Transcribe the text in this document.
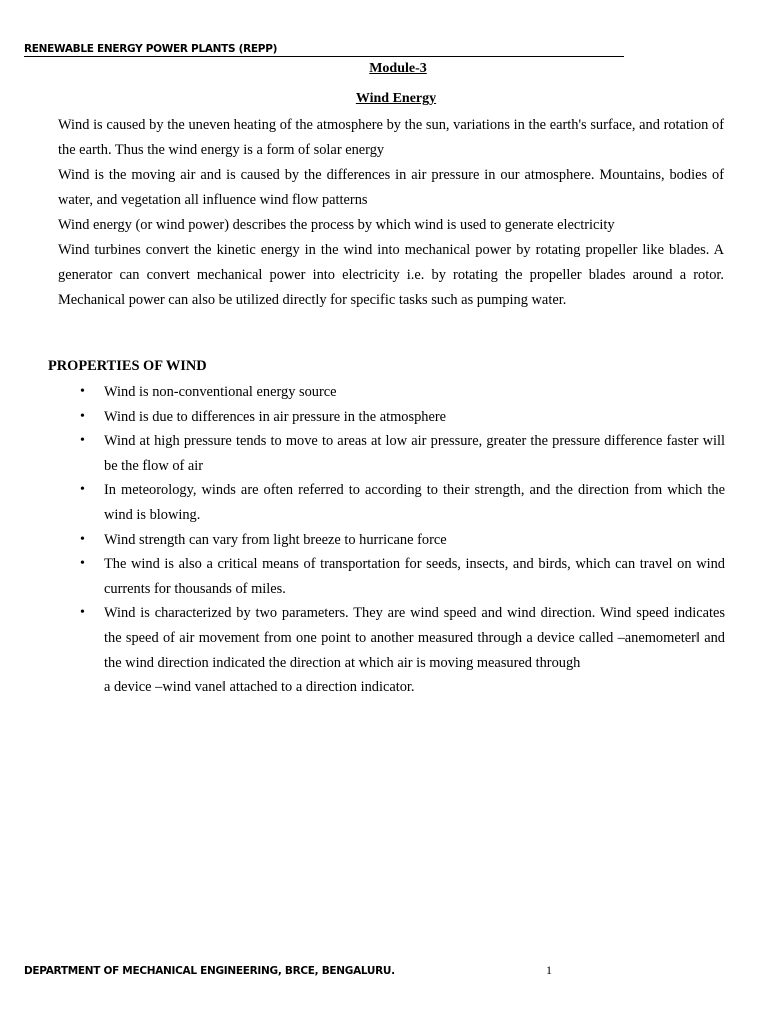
RENEWABLE ENERGY POWER PLANTS (REPP)
Module-3
Wind Energy

Wind is caused by the uneven heating of the atmosphere by the sun, variations in the earth's surface, and rotation of the earth. Thus the wind energy is a form of solar energy

Wind is the moving air and is caused by the differences in air pressure in our atmosphere. Mountains, bodies of water, and vegetation all influence wind flow patterns

Wind energy (or wind power) describes the process by which wind is used to generate electricity

Wind turbines convert the kinetic energy in the wind into mechanical power by rotating propeller like blades. A generator can convert mechanical power into electricity i.e. by rotating the propeller blades around a rotor. Mechanical power can also be utilized directly for specific tasks such as pumping water.

PROPERTIES OF WIND
• Wind is non-conventional energy source
• Wind is due to differences in air pressure in the atmosphere
• Wind at high pressure tends to move to areas at low air pressure, greater the pressure difference faster will be the flow of air
• In meteorology, winds are often referred to according to their strength, and the direction from which the wind is blowing.
• Wind strength can vary from light breeze to hurricane force
• The wind is also a critical means of transportation for seeds, insects, and birds, which can travel on wind currents for thousands of miles.
• Wind is characterized by two parameters. They are wind speed and wind direction. Wind speed indicates the speed of air movement from one point to another measured through a device called –anemometer‖ and the wind direction indicated the direction at which air is moving measured through
a device –wind vane‖ attached to a direction indicator.
DEPARTMENT OF MECHANICAL ENGINEERING, BRCE, BENGALURU.	1
